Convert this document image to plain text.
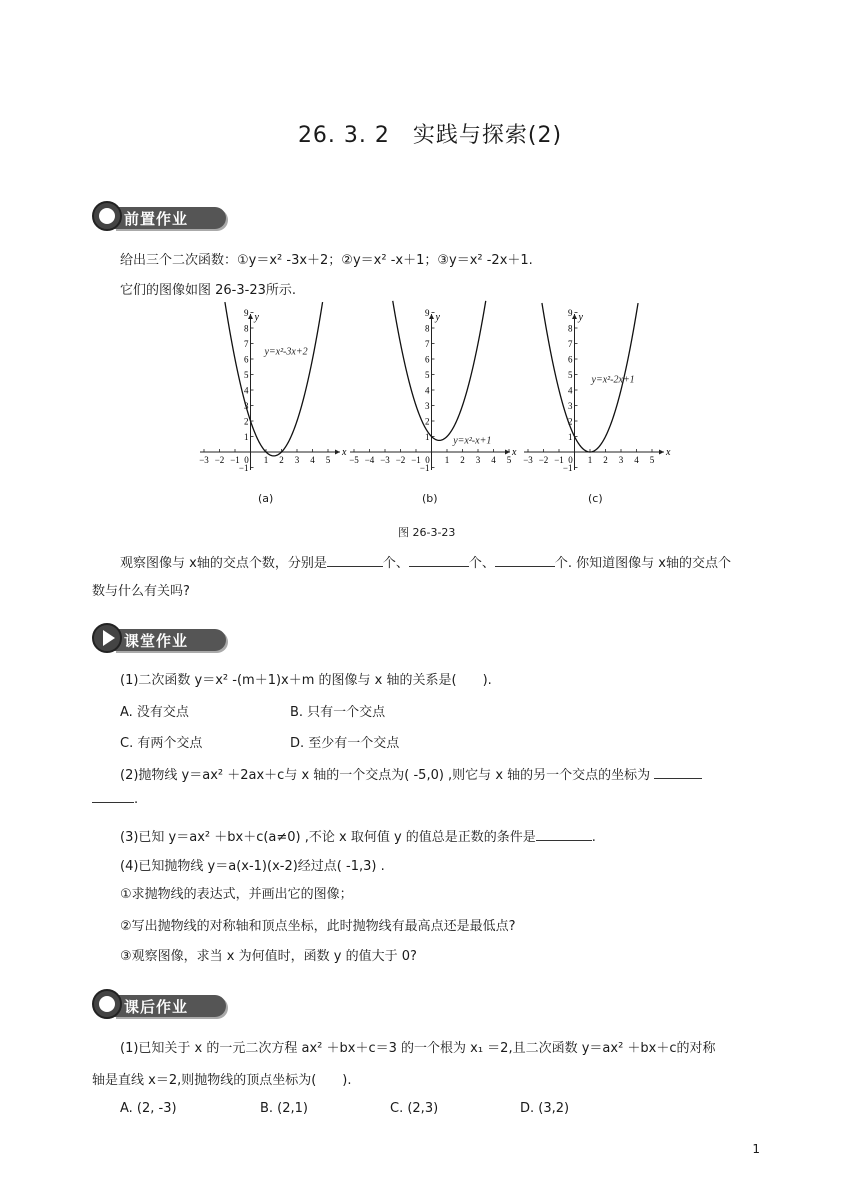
26. 3. 2　实践与探索(2)
前置作业
给出三个二次函数：①y＝x² -3x＋2；②y＝x² -x＋1；③y＝x² -2x＋1.
它们的图像如图 26-3-23所示.
x
y
9
8
7
6
5
4
3
2
1
−1
−3 −2 −1 0 1 2 3 4 5
y=x²-3x+2
x
y
9
8
7
6
5
4
3
2
1
−1
−5 −4 −3 −2 −1 0 1 2 3 4 5
y=x²-x+1
x
y
9
8
7
6
5
4
3
2
1
−1
−3 −2 −1 0 1 2 3 4 5
y=x²-2x+1
(a)	(b)	(c)
图 26-3-23
观察图像与 x轴的交点个数，分别是	个、	个、	个. 你知道图像与 x轴的交点个
数与什么有关吗?
课堂作业
(1)二次函数 y＝x² -(m＋1)x＋m 的图像与 x 轴的关系是(　　).
A. 没有交点	B. 只有一个交点
C. 有两个交点	D. 至少有一个交点
(2)抛物线 y＝ax² ＋2ax＋c与 x 轴的一个交点为( -5,0) ,则它与 x 轴的另一个交点的坐标为
.
(3)已知 y＝ax² ＋bx＋c(a≠0) ,不论 x 取何值 y 的值总是正数的条件是	.
(4)已知抛物线 y＝a(x-1)(x-2)经过点( -1,3) .
①求抛物线的表达式，并画出它的图像；
②写出抛物线的对称轴和顶点坐标，此时抛物线有最高点还是最低点?
③观察图像，求当 x 为何值时，函数 y 的值大于 0?
课后作业
(1)已知关于 x 的一元二次方程 ax² ＋bx＋c＝3 的一个根为 x₁ ＝2,且二次函数 y＝ax² ＋bx＋c的对称
轴是直线 x＝2,则抛物线的顶点坐标为(　　).
A. (2, -3)	B. (2,1)	C. (2,3)	D. (3,2)
1
